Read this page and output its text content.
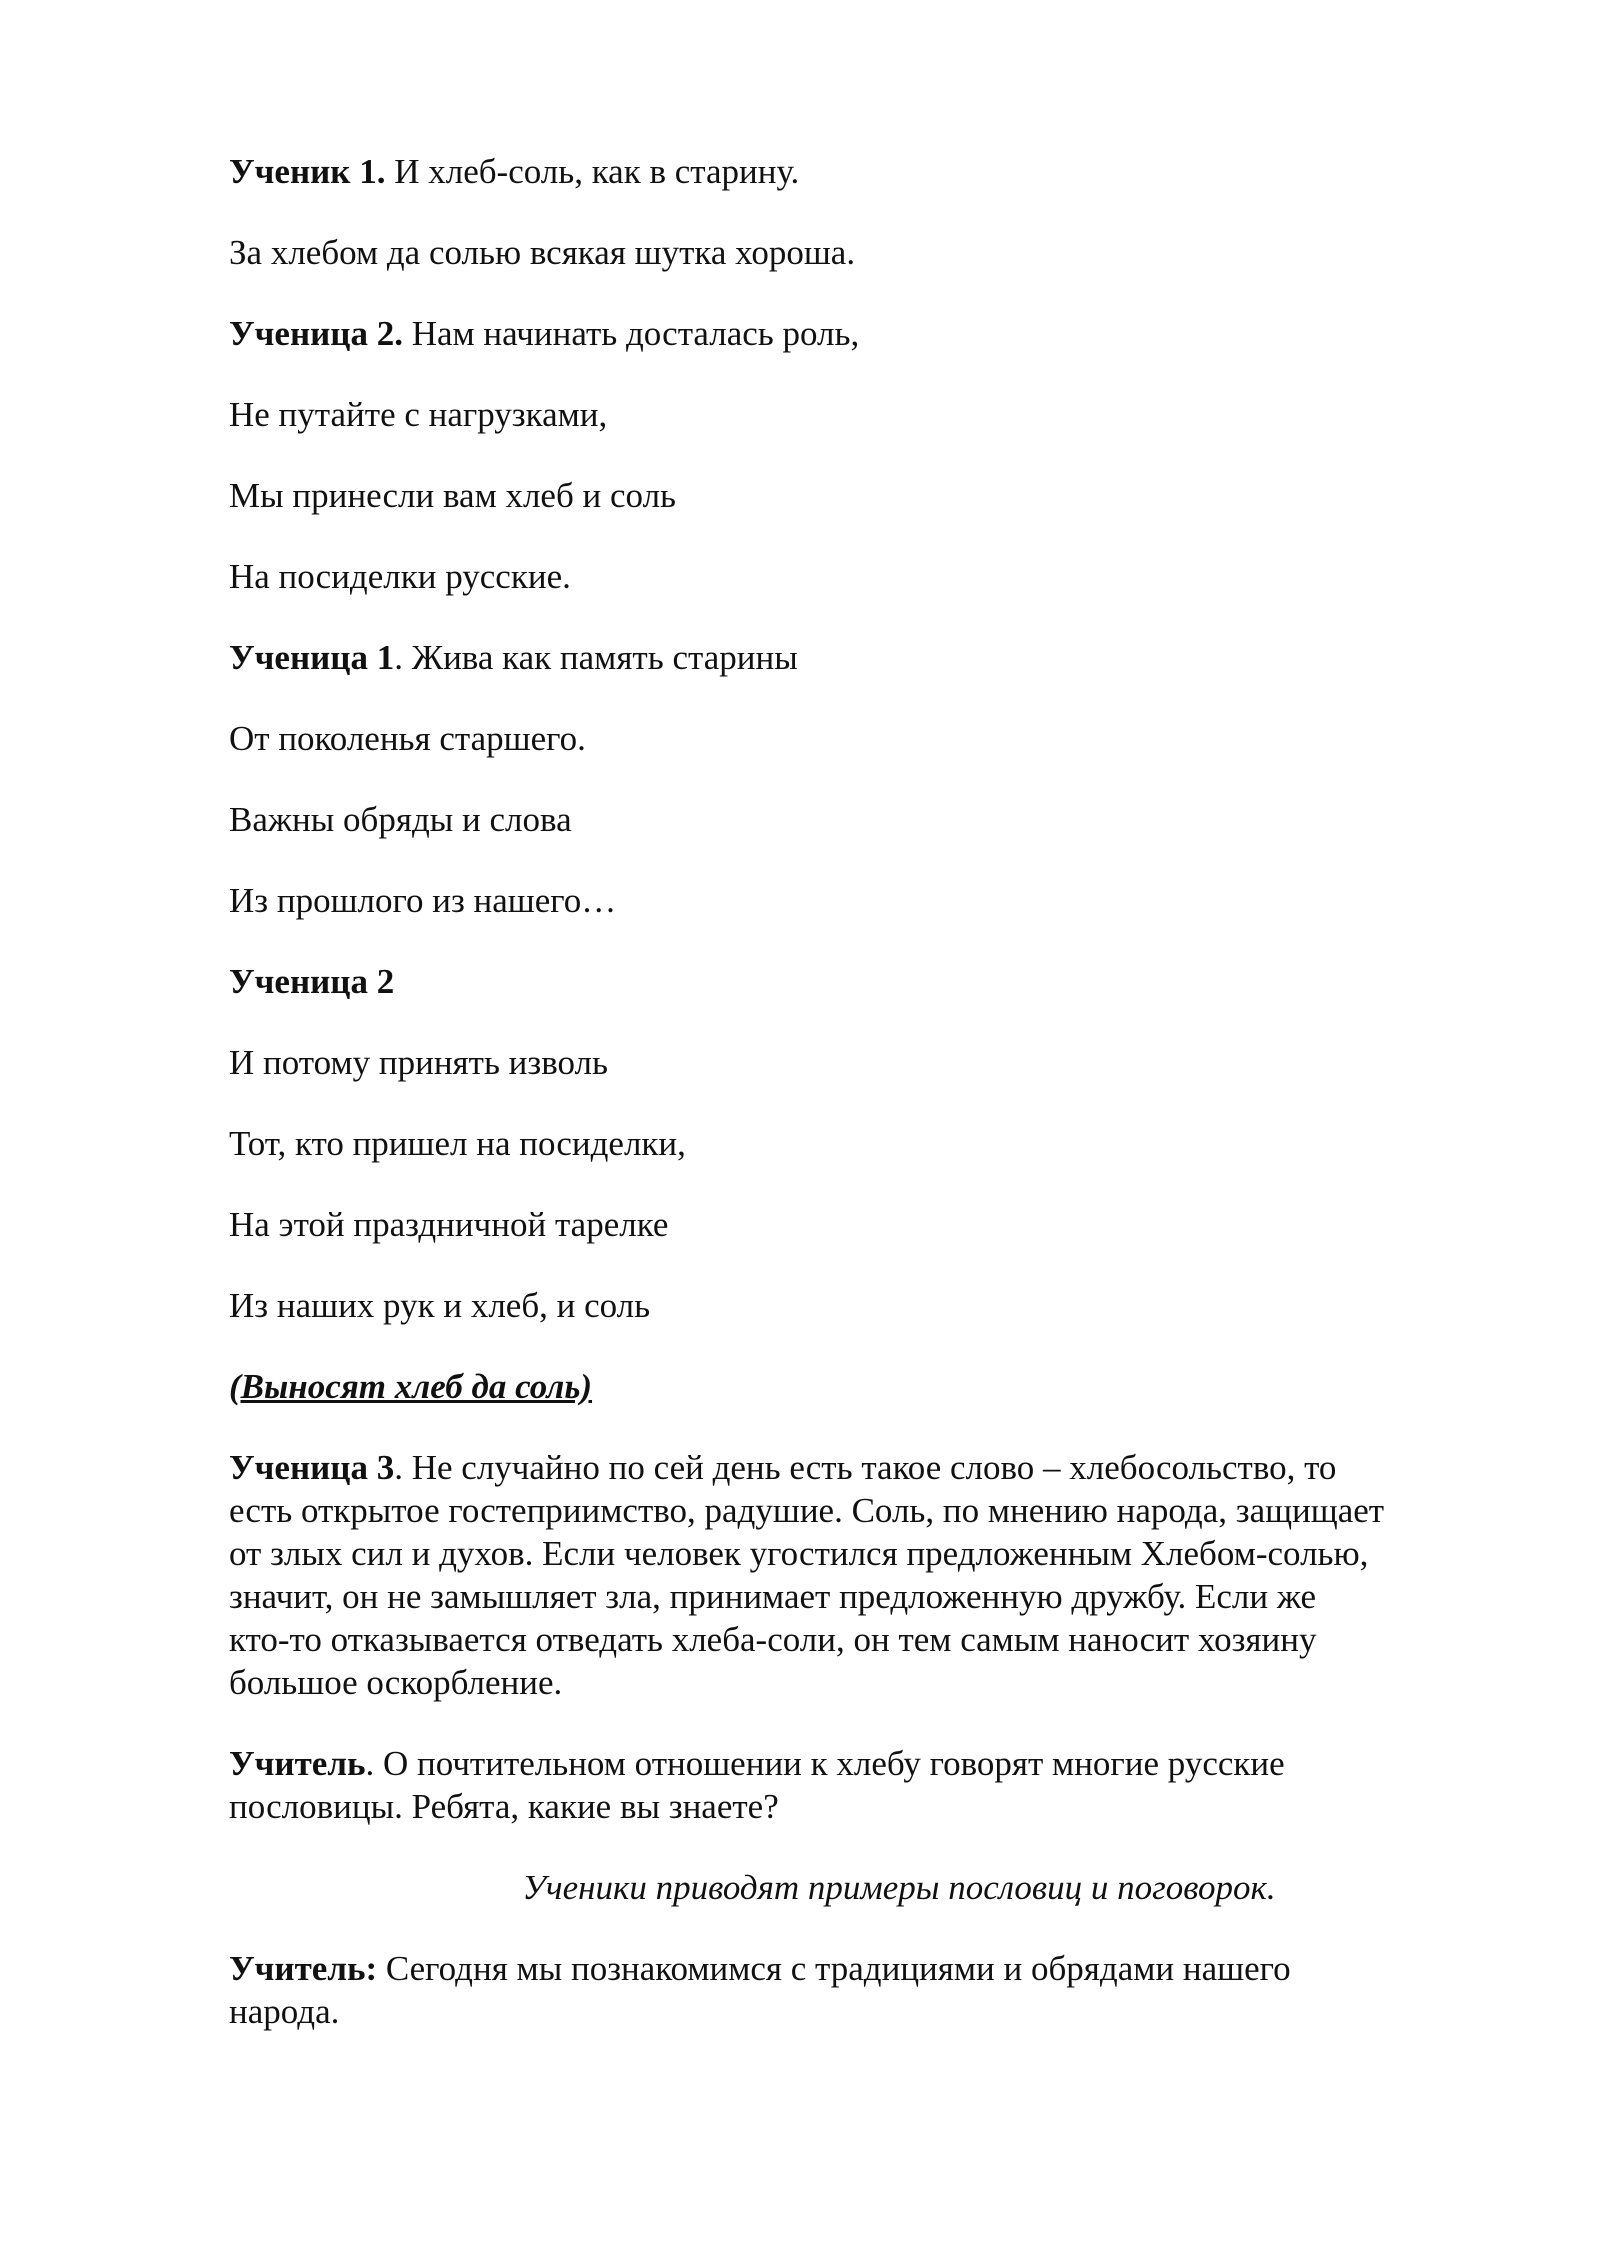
Ученик 1. И хлеб-соль, как в старину.

За хлебом да солью всякая шутка хороша.

Ученица 2. Нам начинать досталась роль,

Не путайте с нагрузками,

Мы принесли вам хлеб и соль

На посиделки русские.

Ученица 1. Жива как память старины

От поколенья старшего.

Важны обряды и слова

Из прошлого из нашего…

Ученица 2

И потому принять изволь

Тот, кто пришел на посиделки,

На этой праздничной тарелке

Из наших рук и хлеб, и соль

(Выносят хлеб да соль)

Ученица 3. Не случайно по сей день есть такое слово – хлебосольство, то
есть открытое гостеприимство, радушие. Соль, по мнению народа, защищает
от злых сил и духов. Если человек угостился предложенным Хлебом-солью,
значит, он не замышляет зла, принимает предложенную дружбу. Если же
кто-то отказывается отведать хлеба-соли, он тем самым наносит хозяину
большое оскорбление.
Учитель. О почтительном отношении к хлебу говорят многие русские
пословицы. Ребята, какие вы знаете?

Ученики приводят примеры пословиц и поговорок.

Учитель: Сегодня мы познакомимся с традициями и обрядами нашего
народа.
